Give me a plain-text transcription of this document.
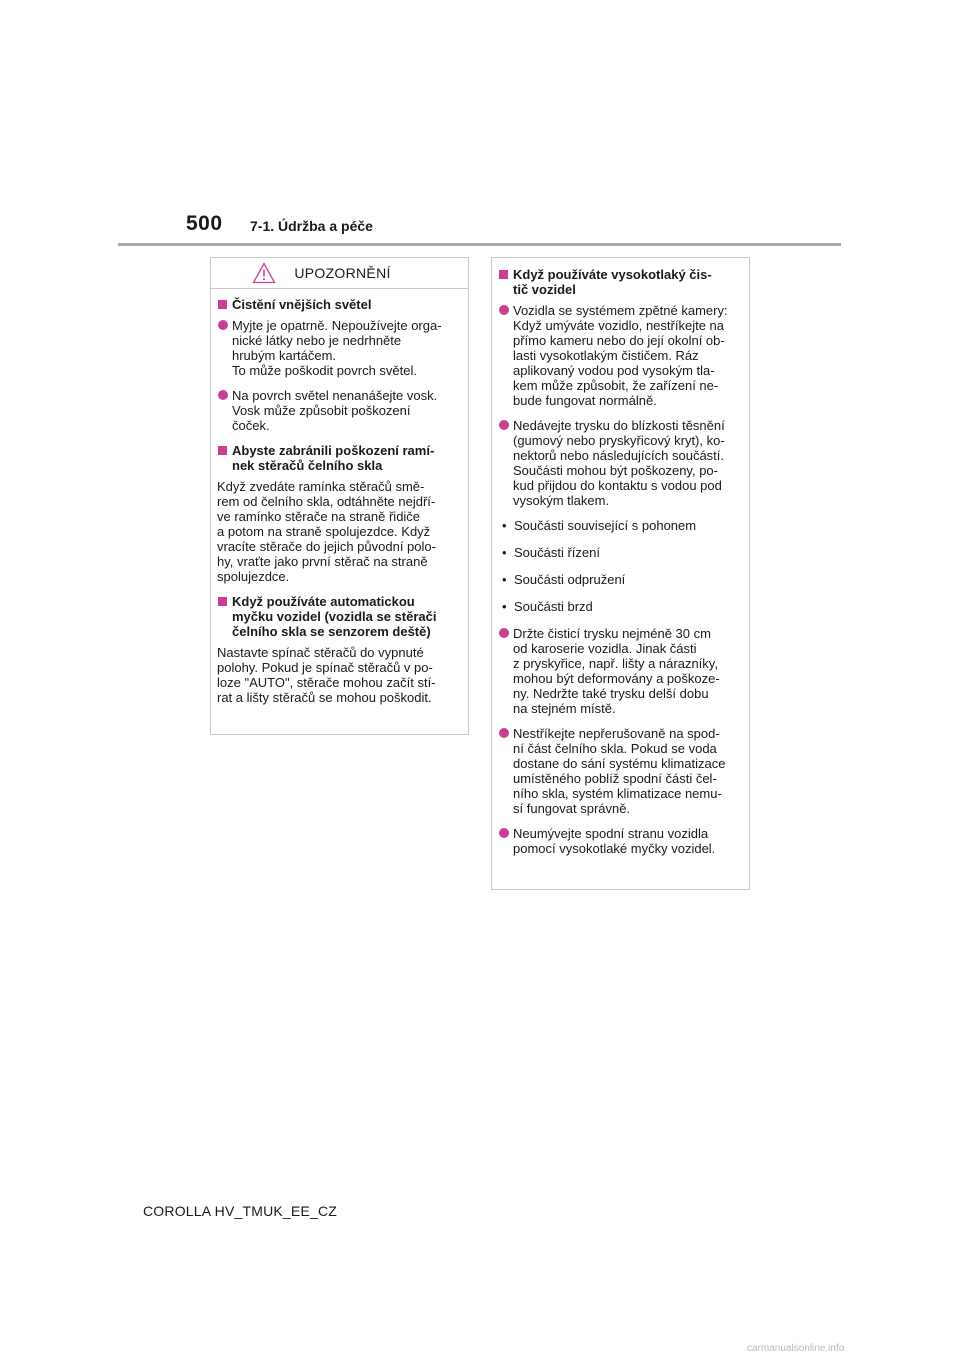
500 7-1. Údržba a péče
UPOZORNĚNÍ
Čistění vnějších světel
Myjte je opatrně. Nepoužívejte orga-
nické látky nebo je nedrhněte
hrubým kartáčem.
To může poškodit povrch světel.
Na povrch světel nenanášejte vosk.
Vosk může způsobit poškození
čoček.
Abyste zabránili poškození ramí-
nek stěračů čelního skla
Když zvedáte ramínka stěračů smě-
rem od čelního skla, odtáhněte nejdří-
ve ramínko stěrače na straně řidiče
a potom na straně spolujezdce. Když
vracíte stěrače do jejich původní polo-
hy, vraťte jako první stěrač na straně
spolujezdce.
Když používáte automatickou
myčku vozidel (vozidla se stěrači
čelního skla se senzorem deště)
Nastavte spínač stěračů do vypnuté
polohy. Pokud je spínač stěračů v po-
loze "AUTO", stěrače mohou začít stí-
rat a lišty stěračů se mohou poškodit.
Když používáte vysokotlaký čis-
tič vozidel
Vozidla se systémem zpětné kamery:
Když umýváte vozidlo, nestříkejte na
přímo kameru nebo do její okolní ob-
lasti vysokotlakým čističem. Ráz
aplikovaný vodou pod vysokým tla-
kem může způsobit, že zařízení ne-
bude fungovat normálně.
Nedávejte trysku do blízkosti těsnění
(gumový nebo pryskyřicový kryt), ko-
nektorů nebo následujících součástí.
Součásti mohou být poškozeny, po-
kud přijdou do kontaktu s vodou pod
vysokým tlakem.
• Součásti související s pohonem
• Součásti řízení
• Součásti odpružení
• Součásti brzd
Držte čisticí trysku nejméně 30 cm
od karoserie vozidla. Jinak části
z pryskyřice, např. lišty a nárazníky,
mohou být deformovány a poškoze-
ny. Nedržte také trysku delší dobu
na stejném místě.
Nestříkejte nepřerušovaně na spod-
ní část čelního skla. Pokud se voda
dostane do sání systému klimatizace
umístěného poblíž spodní části čel-
ního skla, systém klimatizace nemu-
sí fungovat správně.
Neumývejte spodní stranu vozidla
pomocí vysokotlaké myčky vozidel.
COROLLA HV_TMUK_EE_CZ
carmanualsonline.info
